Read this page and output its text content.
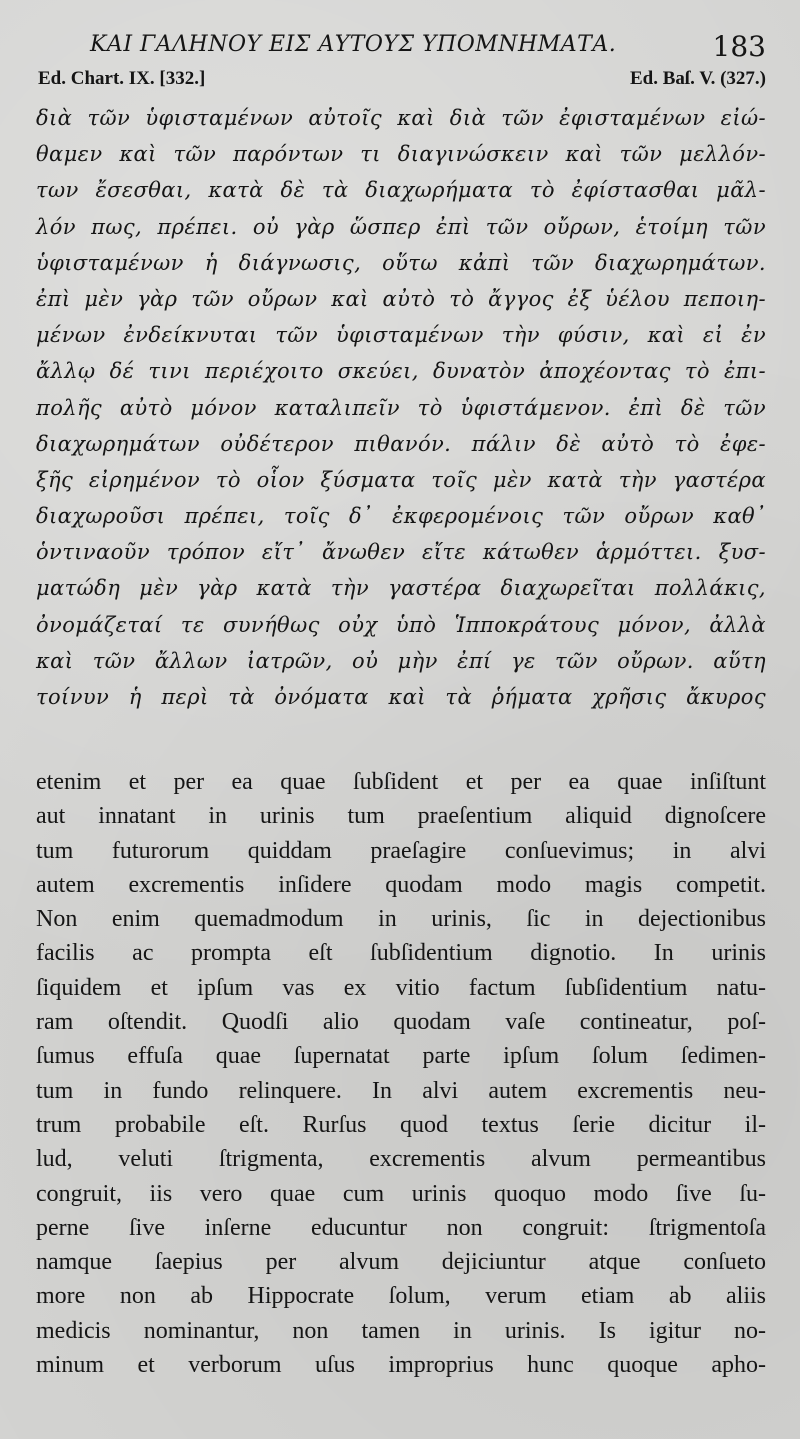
ΚΑΙ ΓΑΛΗΝΟΥ ΕΙΣ ΑΥΤΟΥΣ ΥΠΟΜΝΗΜΑΤΑ.	183
Ed. Chart. IX. [332.]	Ed. Baſ. V. (327.)
διὰ τῶν ὑφισταμένων αὐτοῖς καὶ διὰ τῶν ἐφισταμένων εἰώ-
θαμεν καὶ τῶν παρόντων τι διαγινώσκειν καὶ τῶν μελλόν-
των ἔσεσθαι, κατὰ δὲ τὰ διαχωρήματα τὸ ἐφίστασθαι μᾶλ-
λόν πως, πρέπει. οὐ γὰρ ὥσπερ ἐπὶ τῶν οὔρων, ἑτοίμη τῶν
ὑφισταμένων ἡ διάγνωσις, οὕτω κἀπὶ τῶν διαχωρημάτων.
ἐπὶ μὲν γὰρ τῶν οὔρων καὶ αὐτὸ τὸ ἄγγος ἐξ ὑέλου πεποιη-
μένων ἐνδείκνυται τῶν ὑφισταμένων τὴν φύσιν, καὶ εἰ ἐν
ἄλλῳ δέ τινι περιέχοιτο σκεύει, δυνατὸν ἀποχέοντας τὸ ἐπι-
πολῆς αὐτὸ μόνον καταλιπεῖν τὸ ὑφιστάμενον. ἐπὶ δὲ τῶν
διαχωρημάτων οὐδέτερον πιθανόν. πάλιν δὲ αὐτὸ τὸ ἐφε-
ξῆς εἰρημένον τὸ οἷον ξύσματα τοῖς μὲν κατὰ τὴν γαστέρα
διαχωροῦσι πρέπει, τοῖς δ᾿ ἐκφερομένοις τῶν οὔρων καθ᾿
ὁντιναοῦν τρόπον εἴτ᾿ ἄνωθεν εἴτε κάτωθεν ἁρμόττει. ξυσ-
ματώδη μὲν γὰρ κατὰ τὴν γαστέρα διαχωρεῖται πολλάκις,
ὀνομάζεταί τε συνήθως οὐχ ὑπὸ Ἱπποκράτους μόνον, ἀλλὰ
καὶ τῶν ἄλλων ἰατρῶν, οὐ μὴν ἐπί γε τῶν οὔρων. αὕτη
τοίνυν ἡ περὶ τὰ ὀνόματα καὶ τὰ ῥήματα χρῆσις ἄκυρος
etenim et per ea quae ſubſident et per ea quae inſiſtunt
aut innatant in urinis tum praeſentium aliquid dignoſcere
tum futurorum quiddam praeſagire conſuevimus; in alvi
autem excrementis inſidere quodam modo magis competit.
Non enim quemadmodum in urinis, ſic in dejectionibus
facilis ac prompta eſt ſubſidentium dignotio. In urinis
ſiquidem et ipſum vas ex vitio factum ſubſidentium natu-
ram oſtendit. Quodſi alio quodam vaſe contineatur, poſ-
ſumus effuſa quae ſupernatat parte ipſum ſolum ſedimen-
tum in fundo relinquere. In alvi autem excrementis neu-
trum probabile eſt. Rurſus quod textus ſerie dicitur il-
lud, veluti ſtrigmenta, excrementis alvum permeantibus
congruit, iis vero quae cum urinis quoquo modo ſive ſu-
perne ſive inſerne educuntur non congruit: ſtrigmentoſa
namque ſaepius per alvum dejiciuntur atque conſueto
more non ab Hippocrate ſolum, verum etiam ab aliis
medicis nominantur, non tamen in urinis. Is igitur no-
minum et verborum uſus improprius hunc quoque apho-
